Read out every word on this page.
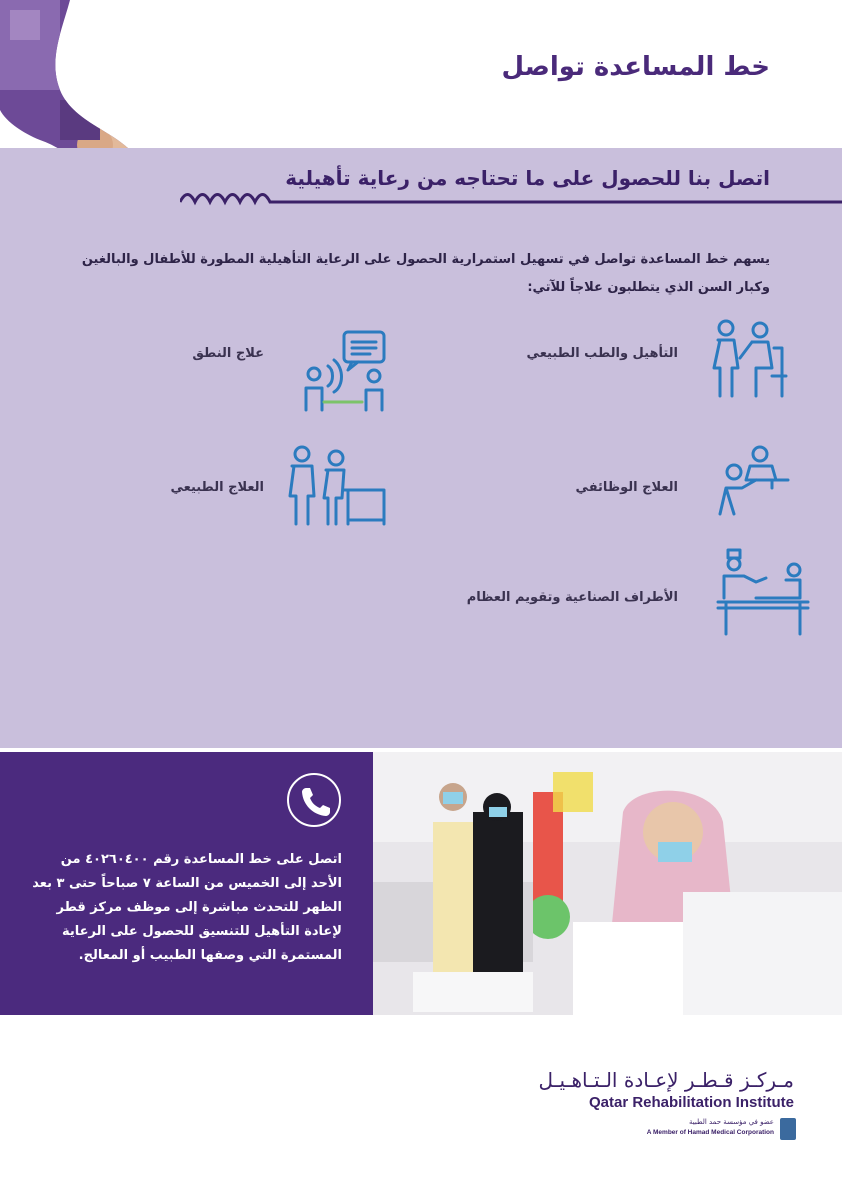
خط المساعدة تواصل
اتصل بنا للحصول على ما تحتاجه من رعاية تأهيلية
يسهم خط المساعدة تواصل في تسهيل استمرارية الحصول على الرعاية التأهيلية المطورة للأطفال والبالغين وكبار السن الذي يتطلبون علاجاً للآتي:
التأهيل والطب الطبيعي
علاج النطق
العلاج الوظائفي
العلاج الطبيعي
الأطراف الصناعية وتقويم العظام
اتصل على خط المساعدة رقم ٤٠٢٦٠٤٠٠ من الأحد إلى الخميس من الساعة ٧ صباحاً حتى ٣ بعد الظهر للتحدث مباشرة إلى موظف مركز قطر لإعادة التأهيل للتنسيق للحصول على الرعاية المستمرة التي وصفها الطبيب أو المعالج.
مـركـز قـطـر لإعـادة الـتـاهـيـل
Qatar Rehabilitation Institute
عضو في مؤسسة حمد الطبية
A Member of Hamad Medical Corporation
